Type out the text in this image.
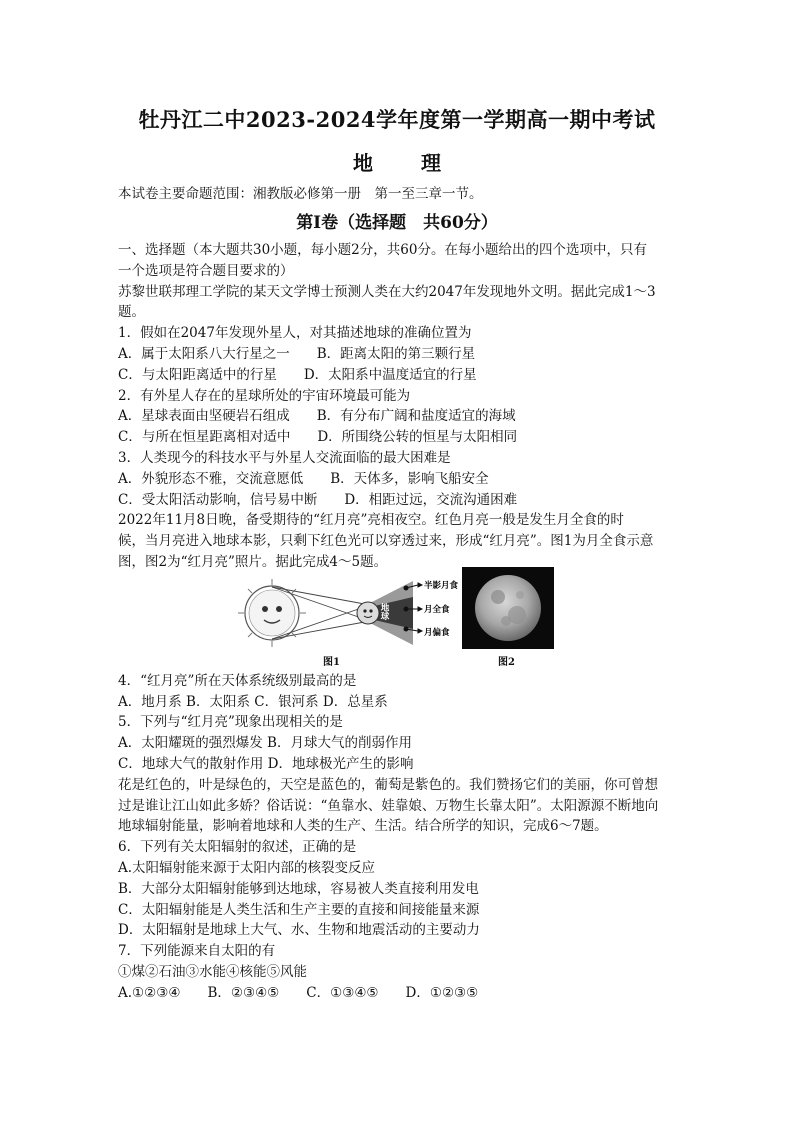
牡丹江二中2023-2024学年度第一学期高一期中考试
地 理
本试卷主要命题范围：湘教版必修第一册　第一至三章一节。
第Ⅰ卷（选择题　共60分）

一、选择题（本大题共30小题，每小题2分，共60分。在每小题给出的四个选项中，只有

一个选项是符合题目要求的）

苏黎世联邦理工学院的某天文学博士预测人类在大约2047年发现地外文明。据此完成1～3

题。

1．假如在2047年发现外星人，对其描述地球的准确位置为

A．属于太阳系八大行星之一　　B．距离太阳的第三颗行星

C．与太阳距离适中的行星　　D．太阳系中温度适宜的行星

2．有外星人存在的星球所处的宇宙环境最可能为

A．星球表面由坚硬岩石组成　　B．有分布广阔和盐度适宜的海域

C．与所在恒星距离相对适中　　D．所围绕公转的恒星与太阳相同

3．人类现今的科技水平与外星人交流面临的最大困难是

A．外貌形态不雅，交流意愿低　　B．天体多，影响飞船安全

C．受太阳活动影响，信号易中断　　D．相距过远，交流沟通困难

2022年11月8日晚，备受期待的“红月亮”亮相夜空。红色月亮一般是发生月全食的时

候，当月亮进入地球本影，只剩下红色光可以穿透过来，形成“红月亮”。图1为月全食示意

图，图2为“红月亮”照片。据此完成4～5题。

地球
半影月食
月全食
月偏食
图1	图2

4．“红月亮”所在天体系统级别最高的是

A．地月系 B．太阳系 C．银河系 D．总星系

5．下列与“红月亮”现象出现相关的是

A．太阳耀斑的强烈爆发 B．月球大气的削弱作用

C．地球大气的散射作用 D．地球极光产生的影响

花是红色的，叶是绿色的，天空是蓝色的，葡萄是紫色的。我们赞扬它们的美丽，你可曾想

过是谁让江山如此多娇？俗话说：“鱼靠水、娃靠娘、万物生长靠太阳”。太阳源源不断地向

地球辐射能量，影响着地球和人类的生产、生活。结合所学的知识，完成6～7题。

6．下列有关太阳辐射的叙述，正确的是

A.太阳辐射能来源于太阳内部的核裂变反应

B．大部分太阳辐射能够到达地球，容易被人类直接利用发电

C．太阳辐射能是人类生活和生产主要的直接和间接能量来源

D．太阳辐射是地球上大气、水、生物和地震活动的主要动力

7．下列能源来自太阳的有

①煤②石油③水能④核能⑤风能

A.①②③④　　B．②③④⑤　　C．①③④⑤　　D．①②③⑤
